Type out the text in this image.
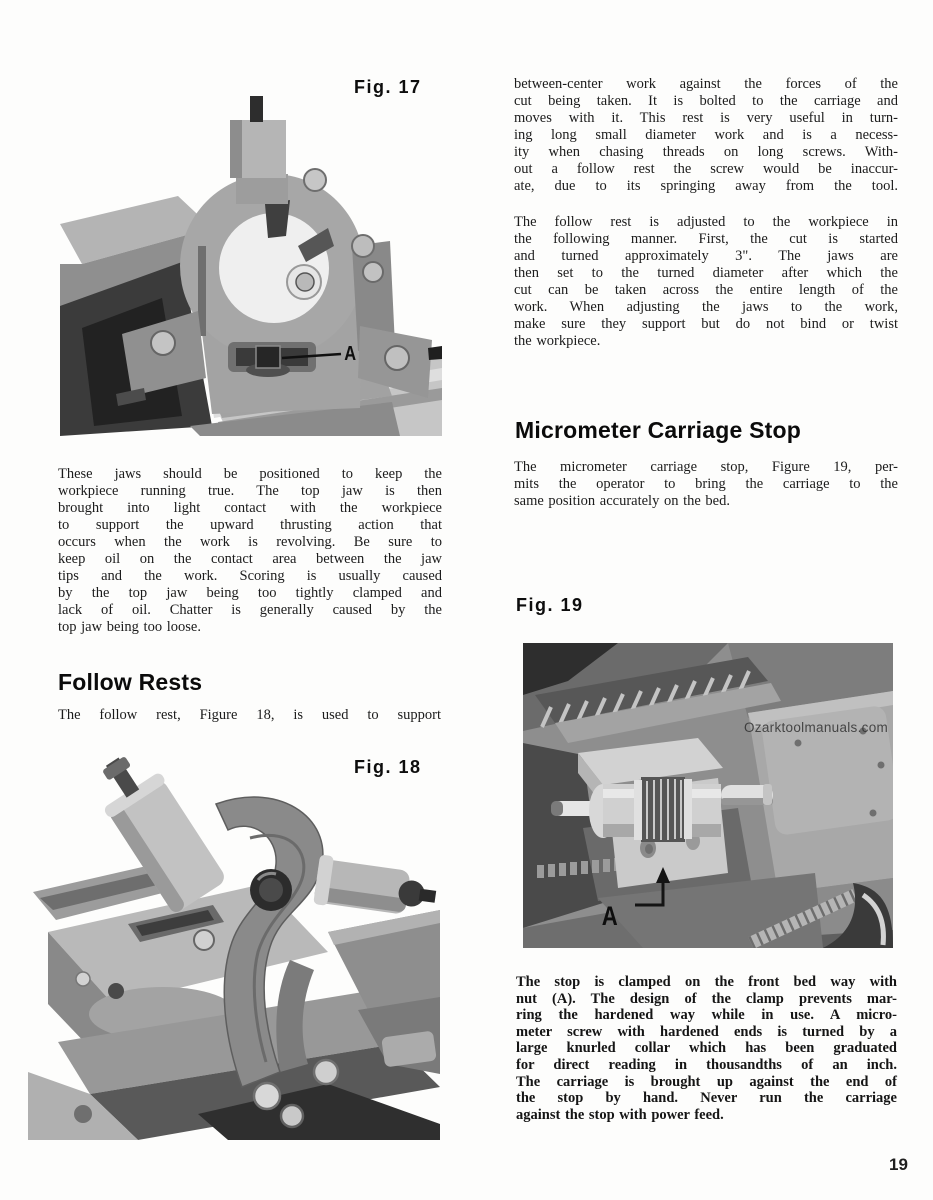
Fig. 17
A
These jaws should be positioned to keep the
workpiece running true. The top jaw is then
brought into light contact with the workpiece
to support the upward thrusting action that
occurs when the work is revolving. Be sure to
keep oil on the contact area between the jaw
tips and the work. Scoring is usually caused
by the top jaw being too tightly clamped and
lack of oil. Chatter is generally caused by the
top jaw being too loose.
Follow Rests
The follow rest, Figure 18, is used to support
Fig. 18
between-center work against the forces of the
cut being taken. It is bolted to the carriage and
moves with it. This rest is very useful in turn-
ing long small diameter work and is a necess-
ity when chasing threads on long screws. With-
out a follow rest the screw would be inaccur-
ate, due to its springing away from the tool.
The follow rest is adjusted to the workpiece in
the following manner. First, the cut is started
and turned approximately 3". The jaws are
then set to the turned diameter after which the
cut can be taken across the entire length of the
work. When adjusting the jaws to the work,
make sure they support but do not bind or twist
the workpiece.
Micrometer Carriage Stop
The micrometer carriage stop, Figure 19, per-
mits the operator to bring the carriage to the
same position accurately on the bed.
Fig. 19
Ozarktoolmanuals.com
A
The stop is clamped on the front bed way with
nut (A). The design of the clamp prevents mar-
ring the hardened way while in use. A micro-
meter screw with hardened ends is turned by a
large knurled collar which has been graduated
for direct reading in thousandths of an inch.
The carriage is brought up against the end of
the stop by hand. Never run the carriage
against the stop with power feed.
19
